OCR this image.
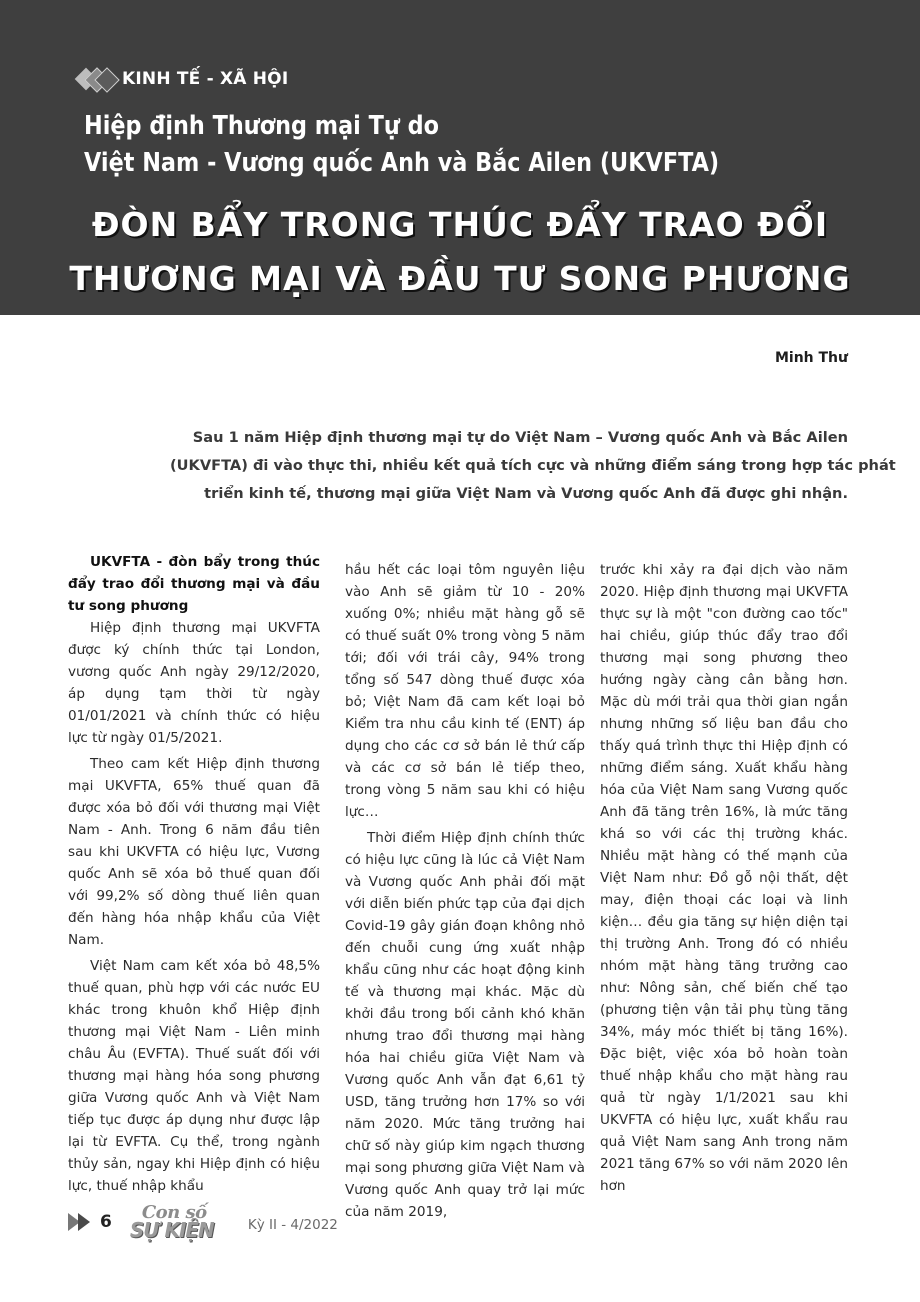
KINH TẾ - XÃ HỘI
Hiệp định Thương mại Tự do
Việt Nam - Vương quốc Anh và Bắc Ailen (UKVFTA)
ĐÒN BẨY TRONG THÚC ĐẨY TRAO ĐỔI
THƯƠNG MẠI VÀ ĐẦU TƯ SONG PHƯƠNG
Minh Thư
Sau 1 năm Hiệp định thương mại tự do Việt Nam – Vương quốc Anh và Bắc Ailen
(UKVFTA) đi vào thực thi, nhiều kết quả tích cực và những điểm sáng trong hợp tác phát
triển kinh tế, thương mại giữa Việt Nam và Vương quốc Anh đã được ghi nhận.

UKVFTA - đòn bẩy trong thúc đẩy trao đổi thương mại và đầu tư song phương

Hiệp định thương mại UKVFTA được ký chính thức tại London, vương quốc Anh ngày 29/12/2020, áp dụng tạm thời từ ngày 01/01/2021 và chính thức có hiệu lực từ ngày 01/5/2021.

Theo cam kết Hiệp định thương mại UKVFTA, 65% thuế quan đã được xóa bỏ đối với thương mại Việt Nam - Anh. Trong 6 năm đầu tiên sau khi UKVFTA có hiệu lực, Vương quốc Anh sẽ xóa bỏ thuế quan đối với 99,2% số dòng thuế liên quan đến hàng hóa nhập khẩu của Việt Nam.

Việt Nam cam kết xóa bỏ 48,5% thuế quan, phù hợp với các nước EU khác trong khuôn khổ Hiệp định thương mại Việt Nam - Liên minh châu Âu (EVFTA). Thuế suất đối với thương mại hàng hóa song phương giữa Vương quốc Anh và Việt Nam tiếp tục được áp dụng như được lập lại từ EVFTA. Cụ thể, trong ngành thủy sản, ngay khi Hiệp định có hiệu lực, thuế nhập khẩu

hầu hết các loại tôm nguyên liệu vào Anh sẽ giảm từ 10 - 20% xuống 0%; nhiều mặt hàng gỗ sẽ có thuế suất 0% trong vòng 5 năm tới; đối với trái cây, 94% trong tổng số 547 dòng thuế được xóa bỏ; Việt Nam đã cam kết loại bỏ Kiểm tra nhu cầu kinh tế (ENT) áp dụng cho các cơ sở bán lẻ thứ cấp và các cơ sở bán lẻ tiếp theo, trong vòng 5 năm sau khi có hiệu lực…

Thời điểm Hiệp định chính thức có hiệu lực cũng là lúc cả Việt Nam và Vương quốc Anh phải đối mặt với diễn biến phức tạp của đại dịch Covid-19 gây gián đoạn không nhỏ đến chuỗi cung ứng xuất nhập khẩu cũng như các hoạt động kinh tế và thương mại khác. Mặc dù khởi đầu trong bối cảnh khó khăn nhưng trao đổi thương mại hàng hóa hai chiều giữa Việt Nam và Vương quốc Anh vẫn đạt 6,61 tỷ USD, tăng trưởng hơn 17% so với năm 2020. Mức tăng trưởng hai chữ số này giúp kim ngạch thương mại song phương giữa Việt Nam và Vương quốc Anh quay trở lại mức của năm 2019,

trước khi xảy ra đại dịch vào năm 2020. Hiệp định thương mại UKVFTA thực sự là một "con đường cao tốc" hai chiều, giúp thúc đẩy trao đổi thương mại song phương theo hướng ngày càng cân bằng hơn. Mặc dù mới trải qua thời gian ngắn nhưng những số liệu ban đầu cho thấy quá trình thực thi Hiệp định có những điểm sáng. Xuất khẩu hàng hóa của Việt Nam sang Vương quốc Anh đã tăng trên 16%, là mức tăng khá so với các thị trường khác. Nhiều mặt hàng có thế mạnh của Việt Nam như: Đồ gỗ nội thất, dệt may, điện thoại các loại và linh kiện… đều gia tăng sự hiện diện tại thị trường Anh. Trong đó có nhiều nhóm mặt hàng tăng trưởng cao như: Nông sản, chế biến chế tạo (phương tiện vận tải phụ tùng tăng 34%, máy móc thiết bị tăng 16%). Đặc biệt, việc xóa bỏ hoàn toàn thuế nhập khẩu cho mặt hàng rau quả từ ngày 1/1/2021 sau khi UKVFTA có hiệu lực, xuất khẩu rau quả Việt Nam sang Anh trong năm 2021 tăng 67% so với năm 2020 lên hơn

6 Con số
SỰ KIỆN	Kỳ II - 4/2022
